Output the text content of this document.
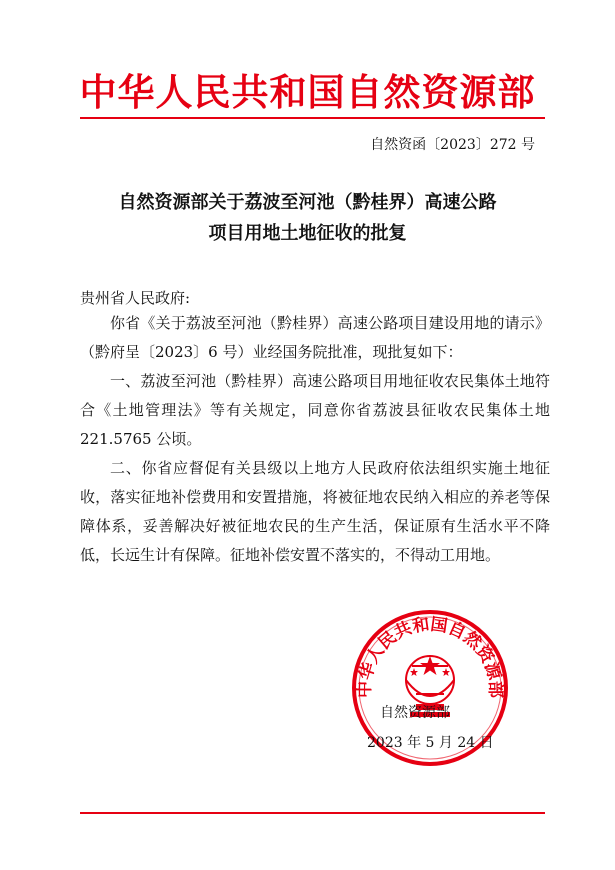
中华人民共和国自然资源部
自然资函〔2023〕272 号
自然资源部关于荔波至河池（黔桂界）高速公路
项目用地土地征收的批复
贵州省人民政府:
你省《关于荔波至河池（黔桂界）高速公路项目建设用地的请示》（黔府呈〔2023〕6 号）业经国务院批准，现批复如下：
一、荔波至河池（黔桂界）高速公路项目用地征收农民集体土地符合《土地管理法》等有关规定，同意你省荔波县征收农民集体土地221.5765 公顷。
二、你省应督促有关县级以上地方人民政府依法组织实施土地征收，落实征地补偿费用和安置措施，将被征地农民纳入相应的养老等保障体系，妥善解决好被征地农民的生产生活，保证原有生活水平不降低，长远生计有保障。征地补偿安置不落实的，不得动工用地。
中华人民共和国自然资源部
自然资源部
2023 年 5 月 24 日
